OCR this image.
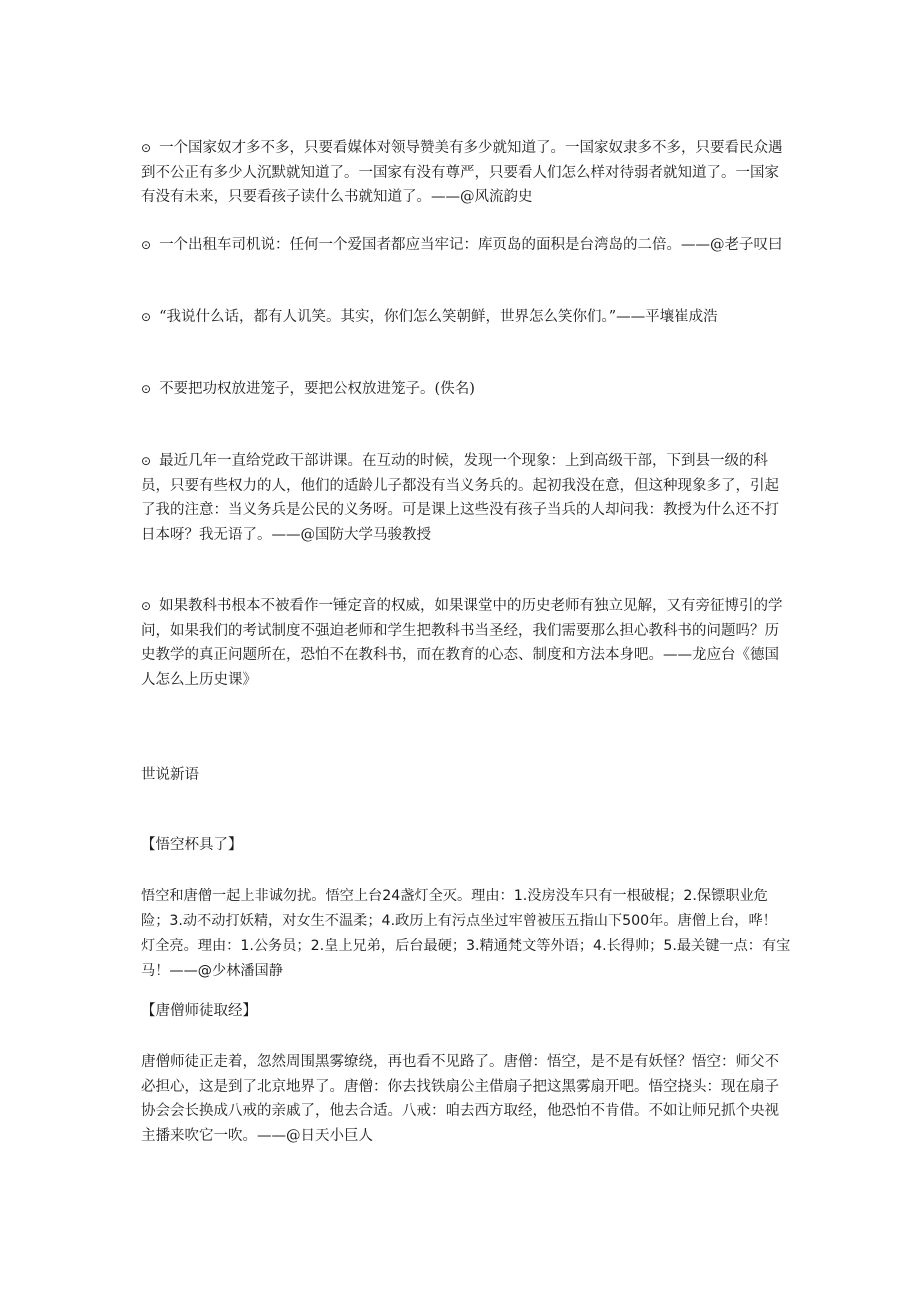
⊙ 一个国家奴才多不多，只要看媒体对领导赞美有多少就知道了。一国家奴隶多不多，只要看民众遇到不公正有多少人沉默就知道了。一国家有没有尊严，只要看人们怎么样对待弱者就知道了。一国家有没有未来，只要看孩子读什么书就知道了。——@风流韵史

⊙ 一个出租车司机说：任何一个爱国者都应当牢记：库页岛的面积是台湾岛的二倍。——@老子叹曰

⊙ “我说什么话，都有人讥笑。其实，你们怎么笑朝鲜，世界怎么笑你们。”——平壤崔成浩

⊙ 不要把功权放进笼子，要把公权放进笼子。(佚名)

⊙ 最近几年一直给党政干部讲课。在互动的时候，发现一个现象：上到高级干部，下到县一级的科员，只要有些权力的人，他们的适龄儿子都没有当义务兵的。起初我没在意，但这种现象多了，引起了我的注意：当义务兵是公民的义务呀。可是课上这些没有孩子当兵的人却问我：教授为什么还不打日本呀？我无语了。——@国防大学马骏教授

⊙ 如果教科书根本不被看作一锤定音的权威，如果课堂中的历史老师有独立见解，又有旁征博引的学问，如果我们的考试制度不强迫老师和学生把教科书当圣经，我们需要那么担心教科书的问题吗？历史教学的真正问题所在，恐怕不在教科书，而在教育的心态、制度和方法本身吧。——龙应台《德国人怎么上历史课》

世说新语

【悟空杯具了】

悟空和唐僧一起上非诚勿扰。悟空上台24盏灯全灭。理由：1.没房没车只有一根破棍；2.保镖职业危险；3.动不动打妖精，对女生不温柔；4.政历上有污点坐过牢曾被压五指山下500年。唐僧上台，哗！灯全亮。理由：1.公务员；2.皇上兄弟，后台最硬；3.精通梵文等外语；4.长得帅；5.最关键一点：有宝马！——@少林潘国静

【唐僧师徒取经】

唐僧师徒正走着，忽然周围黑雾缭绕，再也看不见路了。唐僧：悟空，是不是有妖怪？悟空：师父不必担心，这是到了北京地界了。唐僧：你去找铁扇公主借扇子把这黑雾扇开吧。悟空挠头：现在扇子协会会长换成八戒的亲戚了，他去合适。八戒：咱去西方取经，他恐怕不肯借。不如让师兄抓个央视主播来吹它一吹。——@日天小巨人
